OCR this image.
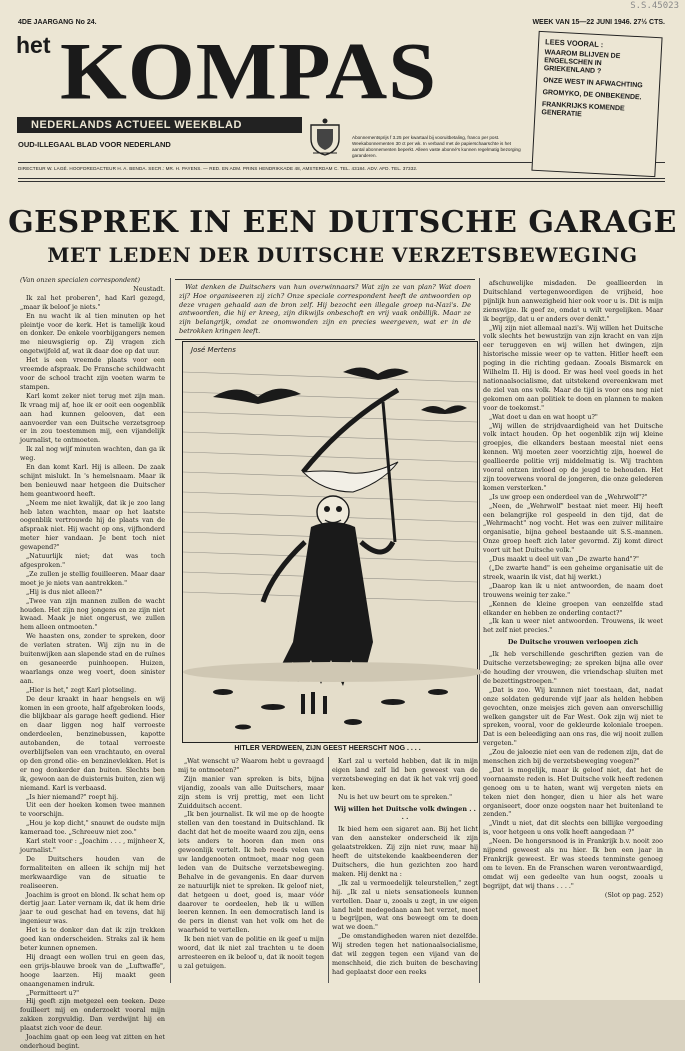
S.S.45023
4DE JAARGANG No 24.	WEEK VAN 15—22 JUNI 1946. 27½ CTS.
het KOMPAS
NEDERLANDS ACTUEEL WEEKBLAD
Abonnementsprijs f 3.25 per kwartaal bij vooruitbetaling, franco per post. Weekabonnementen 30 ct per wk. In verband met de papierschaarschte is het aantal abonnementen beperkt. Alleen vaste abonné's kunnen regelmatig bezorging garanderen.
OUD-ILLEGAAL BLAD VOOR NEDERLAND
DIRECTEUR W. LAGÉ. HOOFDREDACTEUR H. A. BENDA. SECR.: MR. H. PAYENS. — RED. EN ADM. PRINS HENDRIKKADE 48, AMSTERDAM C. TEL. 43184. ADV. AFD. TEL. 37332.
LEES VOORAL :
WAAROM BLIJVEN DE ENGELSCHEN IN GRIEKENLAND ?
ONZE WEST IN AFWACHTING
GROMYKO, DE ONBEKENDE.
FRANKRIJKS KOMENDE GENERATIE
GESPREK IN EEN DUITSCHE GARAGE
MET LEDEN DER DUITSCHE VERZETSBEWEGING

(Van onzen specialen correspondent)

Neustadt.

Ik zal het proberen", had Karl gezegd, „maar ik beloof je niets."

En nu wacht ik al tien minuten op het pleintje voor de kerk. Het is tamelijk koud en donker. De enkele voorbijgangers nemen me nieuwsgierig op. Zij vragen zich ongetwijfeld af, wat ik daar doe op dat uur.

Het is een vreemde plaats voor een vreemde afspraak. De Fransche schildwacht voor de school tracht zijn voeten warm te stampen.

Karl komt zeker niet terug met zijn man. Ik vraag mij af, hoe ik er ooit een oogenblik aan had kunnen gelooven, dat een aanvoerder van een Duitsche verzetsgroep er in zou toestemmen mij, een vijandelijk journalist, te ontmoeten.

Ik zal nog wijf minuten wachten, dan ga ik weg.

En dan komt Karl. Hij is alleen. De zaak schijnt mislukt. In 's hemelsnaam. Maar ik ben benieuwd naar hetgeen die Duitscher hem geantwoord heeft.

„Neem me niet kwalijk, dat ik je zoo lang heb laten wachten, maar op het laatste oogenblik vertrouwde hij de plaats van de afspraak niet. Hij wacht op ons, vijfhonderd meter hier vandaan. Je bent toch niet gewapend?"

„Natuurlijk niet; dat was toch afgesproken."

„Ze zullen je stellig fouilleeren. Maar daar moet je je niets van aantrekken."

„Hij is dus niet alleen?"

„Twee van zijn mannen zullen de wacht houden. Het zijn nog jongens en ze zijn niet kwaad. Maak je niet ongerust, we zullen hem alleen ontmoeten."

We haasten ons, zonder te spreken, door de verlaten straten. Wij zijn nu in de buitenwijken aan slapende stad en de ruïnes en gesaneerde puinhoopen. Huizen, waarlangs onze weg voert, doen sinister aan.

„Hier is het," zegt Karl plotseling.

De deur kraakt in haar hengsels en wij komen in een groote, half afgebroken loods, die blijkbaar als garage heeft gediend. Hier en daar liggen nog half verroeste onderdeelen, benzinebussen, kapotte autobanden, de totaal verroeste overblijfselen van een vrachtauto, en overal op den grond olie- en benzinevlekken. Het is er nog donkerder dan buiten. Slechts ben ik, gewoon aan de duisternis buiten, zien wij niemand. Karl is verbaasd.

„Is hier niemand?" roept hij.

Uit een der hoeken komen twee mannen te voorschijn.

„Hou je kop dicht," snauwt de oudste mijn kameraad toe. „Schreeuw niet zoo."

Karl stelt voor : „Joachim . . . , mijnheer X, journalist."

De Duitschers houden van de formaliteiten en alleen ik schijn mij het merkwaardige van de situatie te realiseeren.

Joachim is groot en blond. Ik schat hem op dertig jaar. Later vernam ik, dat ik hem drie jaar te oud geschat had en tevens, dat hij ingenieur was.

Het is te donker dan dat ik zijn trekken goed kan onderscheiden. Straks zal ik hem beter kunnen opnemen.

Hij draagt een wollen trui en geen das, een grijs-blauwe broek van de „Luftwaffe", hooge laarzen. Hij maakt geen onaangenamen indruk.

„Permitteert u?"

Hij geeft zijn metgezel een teeken. Deze fouilleert mij en onderzoekt vooral mijn zakken zorgvuldig. Dan verdwijnt hij en plaatst zich voor de deur.

Joachim gaat op een leeg vat zitten en het onderhoud begint.

Wat denken de Duitschers van hun overwinnaars? Wat zijn ze van plan? Wat doen zij? Hoe organiseeren zij zich? Onze speciale correspondent heeft de antwoorden op deze vragen gehaald aan de bron zelf. Hij bezocht een illegale groep na-Nazi's. De antwoorden, die hij er kreeg, zijn dikwijls onbeschoft en vrij vaak onbillijk. Maar ze zijn belangrijk, omdat ze onomwonden zijn en precies weergeven, wat er in de betrokken kringen leeft.

José Mertens
HITLER VERDWEEN, ZIJN GEEST HEERSCHT NOG . . . .

„Wat wenscht u? Waarom hebt u gevraagd mij te ontmoeten?"

Zijn manier van spreken is bits, bijna vijandig, zooals van alle Duitschers, maar zijn stem is vrij prettig, met een licht Zuidduitsch accent.

„Ik ben journalist. Ik wil me op de hoogte stellen van den toestand in Duitschland. Ik dacht dat het de moeite waard zou zijn, eens iets anders te hooren dan men ons gewoonlijk vertelt. Ik heb reeds velen van uw landgenooten ontmoet, maar nog geen leden van de Duitsche verzetsbeweging. Behalve in de gevangenis. En daar durven ze natuurlijk niet te spreken. Ik geloof niet, dat hetgeen u doet, goed is, maar vóór daarover te oordeelen, heb ik u willen leeren kennen. In een democratisch land is de pers in dienst van het volk om het de waarheid te vertellen.

Ik ben niet van de politie en ik geef u mijn woord, dat ik niet zal trachten u te doen arresteeren en ik beloof u, dat ik nooit tegen u zal getuigen.

Karl zal u verteld hebben, dat ik in mijn eigen land zelf lid ben geweest van de verzetsbeweging en dat ik het vak vrij goed ken.

Nu is het uw beurt om te spreken."

Wij willen het Duitsche volk dwingen . . . .

Ik bied hem een sigaret aan. Bij het licht van den aansteker onderscheid ik zijn gelaatstrekken. Zij zijn niet ruw, maar hij heeft de uitstekende kaakbeenderen der Duitschers, die hun gezichten zoo hard maken. Hij denkt na :

„Ik zal u vermoedelijk teleurstellen," zegt hij. „Ik zal u niets sensationeels kunnen vertellen. Daar u, zooals u zegt, in uw eigen land hebt medegedaan aan het verzet, moet u begrijpen, wat ons beweegt om te doen wat we doen."

„De omstandigheden waren niet dezelfde. Wij streden tegen het nationaalsocialisme, dat wil zeggen tegen een vijand van de menschheid, die zich buiten de beschaving had geplaatst door een reeks

afschuwelijke misdaden. De geallieerden in Duitschland vertegenwoordigen de vrijheid, hoe pijnlijk hun aanwezigheid hier ook voor u is. Dit is mijn zienswijze. Ik geef ze, omdat u wilt vergelijken. Maar ik begrijp, dat u er anders over denkt."

„Wij zijn niet allemaal nazi's. Wij willen het Duitsche volk slechts het bewustzijn van zijn kracht en van zijn eer teruggeven en wij willen het dwingen, zijn historische missie weer op te vatten. Hitler heeft een poging in die richting gedaan. Zooals Bismarck en Wilhelm II. Hij is dood. Er was heel veel goeds in het nationaalsocialisme, dat uitstekend overeenkwam met de ziel van ons volk. Maar de tijd is voor ons nog niet gekomen om aan politiek te doen en plannen te maken voor de toekomst."

„Wat doet u dan en wat hoopt u?"

„Wij willen de strijdvaardigheid van het Duitsche volk intact houden. Op het oogenblik zijn wij kleine groepjes, die elkanders bestaan meestal niet eens kennen. Wij moeten zeer voorzichtig zijn, hoewel de geallieerde politie vrij middelmatig is. Wij trachten vooral ontzen invloed op de jeugd te behouden. Het zijn tooverwens vooral de jongeren, die onze gelederen komen versterken."

„Is uw groep een onderdeel van de „Wehrwolf"?"

„Neen, de „Wehrwolf" bestaat niet meer. Hij heeft een belangrijke rol gespeeld in den tijd, dat de „Wehrmacht" nog vocht. Het was een zuiver militaire organisatie, bijna geheel bestaande uit S.S.-mannen. Onze groep heeft zich later gevormd. Zij komt direct voort uit het Duitsche volk."

„Dus maakt u deel uit van „De zwarte hand"?"

(„De zwarte hand" is een geheime organisatie uit de streek, waarin ik vist, dat hij werkt.)

„Daarop kan ik u niet antwoorden, de naam doet trouwens weinig ter zake."

„Kennen de kleine groepen van eenzelfde stad elkander en hebben ze onderling contact?"

„Ik kan u weer niet antwoorden. Trouwens, ik weet het zelf niet precies."

De Duitsche vrouwen verloopen zich

„Ik heb verschillende geschriften gezien van de Duitsche verzetsbeweging; ze spreken bijna alle over de houding der vrouwen, die vriendschap sluiten met de bezettingstroepen."

„Dat is zoo. Wij kunnen niet toestaan, dat, nadat onze soldaten gedurende vijf jaar als helden hebben gevochten, onze meisjes zich geven aan onverschillig welken gangster uit de Far West. Ook zijn wij niet te spreken, vooral, voor de gekleurde koloniale troepen. Dat is een beleediging aan ons ras, die wij nooit zullen vergeten."

„Zou de jaloezie niet een van de redenen zijn, dat de menschen zich bij de verzetsbeweging voegen?"

„Dat is mogelijk, maar ik geloof niet, dat het de voornaamste reden is. Het Duitsche volk heeft redenen genoeg om u te haten, want wij vergeten niets en teken niet den honger, dien u hier als het ware organiseert, door onze oogsten naar het buitenland te zenden."

„Vindt u niet, dat dit slechts een billijke vergoeding is, voor hetgeen u ons volk heeft aangedaan ?"

„Neen. De hongersnood is in Frankrijk b.v. nooit zoo nijpend geweest als nu hier. Ik ben een jaar in Frankrijk geweest. Er was steeds tenminste genoeg om te leven. En de Franschen waren verontwaardigd, omdat wij een gedeelte van hun oogst, zooals u begrijpt, dat wij thans . . . ."

(Slot op pag. 252)
